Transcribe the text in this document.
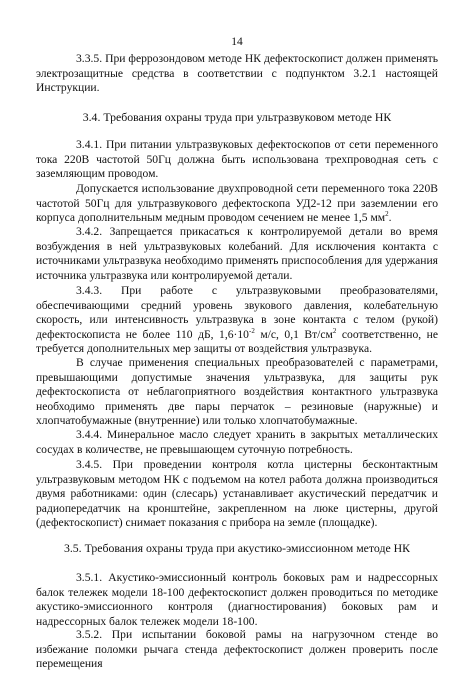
14

3.3.5. При феррозондовом методе НК дефектоскопист должен применять электрозащитные средства в соответствии с подпунктом 3.2.1 настоящей Инструкции.

3.4. Требования охраны труда при ультразвуковом методе НК

3.4.1. При питании ультразвуковых дефектоскопов от сети переменного тока 220В частотой 50Гц должна быть использована трехпроводная сеть с заземляющим проводом.

Допускается использование двухпроводной сети переменного тока 220В частотой 50Гц для ультразвукового дефектоскопа УД2-12 при заземлении его корпуса дополнительным медным проводом сечением не менее 1,5 $мм^2$.

3.4.2. Запрещается прикасаться к контролируемой детали во время возбуждения в ней ультразвуковых колебаний. Для исключения контакта с источниками ультразвука необходимо применять приспособления для удержания источника ультразвука или контролируемой детали.

3.4.3. При работе с ультразвуковыми преобразователями, обеспечивающими средний уровень звукового давления, колебательную скорость, или интенсивность ультразвука в зоне контакта с телом (рукой) дефектоскописта не более 110 дБ, $1,6\cdot 10^{-2}$ м/с, 0,1 $Вт/см^2$ соответственно, не требуется дополнительных мер защиты от воздействия ультразвука.

В случае применения специальных преобразователей с параметрами, превышающими допустимые значения ультразвука, для защиты рук дефектоскописта от неблагоприятного воздействия контактного ультразвука необходимо применять две пары перчаток – резиновые (наружные) и хлопчатобумажные (внутренние) или только хлопчатобумажные.

3.4.4. Минеральное масло следует хранить в закрытых металлических сосудах в количестве, не превышающем суточную потребность.

3.4.5. При проведении контроля котла цистерны бесконтактным ультразвуковым методом НК с подъемом на котел работа должна производиться двумя работниками: один (слесарь) устанавливает акустический передатчик и радиопередатчик на кронштейне, закрепленном на люке цистерны, другой (дефектоскопист) снимает показания с прибора на земле (площадке).

3.5. Требования охраны труда при акустико-эмиссионном методе НК

3.5.1. Акустико-эмиссионный контроль боковых рам и надрессорных балок тележек модели 18-100 дефектоскопист должен проводиться по методике акустико-эмиссионного контроля (диагностирования) боковых рам и надрессорных балок тележек модели 18-100.

3.5.2. При испытании боковой рамы на нагрузочном стенде во избежание поломки рычага стенда дефектоскопист должен проверить после перемещения
